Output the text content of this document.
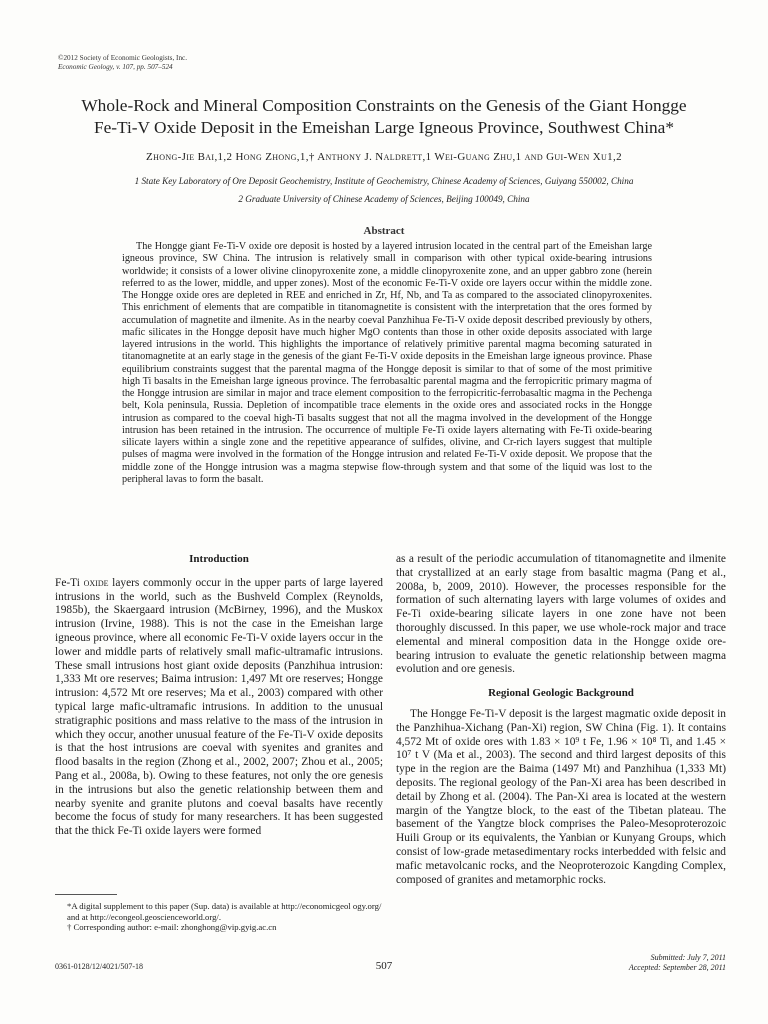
©2012 Society of Economic Geologists, Inc.
Economic Geology, v. 107, pp. 507–524
Whole-Rock and Mineral Composition Constraints on the Genesis of the Giant Hongge
Fe-Ti-V Oxide Deposit in the Emeishan Large Igneous Province, Southwest China*
Zhong-Jie Bai,1,2 Hong Zhong,1,† Anthony J. Naldrett,1 Wei-Guang Zhu,1 and Gui-Wen Xu1,2
1 State Key Laboratory of Ore Deposit Geochemistry, Institute of Geochemistry, Chinese Academy of Sciences, Guiyang 550002, China
2 Graduate University of Chinese Academy of Sciences, Beijing 100049, China
Abstract

The Hongge giant Fe-Ti-V oxide ore deposit is hosted by a layered intrusion located in the central part of the Emeishan large igneous province, SW China. The intrusion is relatively small in comparison with other typical oxide-bearing intrusions worldwide; it consists of a lower olivine clinopyroxenite zone, a middle clinopyroxenite zone, and an upper gabbro zone (herein referred to as the lower, middle, and upper zones). Most of the economic Fe-Ti-V oxide ore layers occur within the middle zone. The Hongge oxide ores are depleted in REE and enriched in Zr, Hf, Nb, and Ta as compared to the associated clinopyroxenites. This enrichment of elements that are compatible in titanomagnetite is consistent with the interpretation that the ores formed by accumulation of magnetite and ilmenite. As in the nearby coeval Panzhihua Fe-Ti-V oxide deposit described previously by others, mafic silicates in the Hongge deposit have much higher MgO contents than those in other oxide deposits associated with large layered intrusions in the world. This highlights the importance of relatively primitive parental magma becoming saturated in titanomagnetite at an early stage in the genesis of the giant Fe-Ti-V oxide deposits in the Emeishan large igneous province. Phase equilibrium constraints suggest that the parental magma of the Hongge deposit is similar to that of some of the most primitive high Ti basalts in the Emeishan large igneous province. The ferrobasaltic parental magma and the ferropicritic primary magma of the Hongge intrusion are similar in major and trace element composition to the ferropicritic-ferrobasaltic magma in the Pechenga belt, Kola peninsula, Russia. Depletion of incompatible trace elements in the oxide ores and associated rocks in the Hongge intrusion as compared to the coeval high-Ti basalts suggest that not all the magma involved in the development of the Hongge intrusion has been retained in the intrusion. The occurrence of multiple Fe-Ti oxide layers alternating with Fe-Ti oxide-bearing silicate layers within a single zone and the repetitive appearance of sulfides, olivine, and Cr-rich layers suggest that multiple pulses of magma were involved in the formation of the Hongge intrusion and related Fe-Ti-V oxide deposit. We propose that the middle zone of the Hongge intrusion was a magma stepwise flow-through system and that some of the liquid was lost to the peripheral lavas to form the basalt.

Introduction

Fe-Ti oxide layers commonly occur in the upper parts of large layered intrusions in the world, such as the Bushveld Complex (Reynolds, 1985b), the Skaergaard intrusion (McBirney, 1996), and the Muskox intrusion (Irvine, 1988). This is not the case in the Emeishan large igneous province, where all economic Fe-Ti-V oxide layers occur in the lower and middle parts of relatively small mafic-ultramafic intrusions. These small intrusions host giant oxide deposits (Panzhihua intrusion: 1,333 Mt ore reserves; Baima intrusion: 1,497 Mt ore reserves; Hongge intrusion: 4,572 Mt ore reserves; Ma et al., 2003) compared with other typical large mafic-ultramafic intrusions. In addition to the unusual stratigraphic positions and mass relative to the mass of the intrusion in which they occur, another unusual feature of the Fe-Ti-V oxide deposits is that the host intrusions are coeval with syenites and granites and flood basalts in the region (Zhong et al., 2002, 2007; Zhou et al., 2005; Pang et al., 2008a, b). Owing to these features, not only the ore genesis in the intrusions but also the genetic relationship between them and nearby syenite and granite plutons and coeval basalts have recently become the focus of study for many researchers. It has been suggested that the thick Fe-Ti oxide layers were formed

as a result of the periodic accumulation of titanomagnetite and ilmenite that crystallized at an early stage from basaltic magma (Pang et al., 2008a, b, 2009, 2010). However, the processes responsible for the formation of such alternating layers with large volumes of oxides and Fe-Ti oxide-bearing silicate layers in one zone have not been thoroughly discussed. In this paper, we use whole-rock major and trace elemental and mineral composition data in the Hongge oxide ore-bearing intrusion to evaluate the genetic relationship between magma evolution and ore genesis.

Regional Geologic Background

The Hongge Fe-Ti-V deposit is the largest magmatic oxide deposit in the Panzhihua-Xichang (Pan-Xi) region, SW China (Fig. 1). It contains 4,572 Mt of oxide ores with 1.83 × 10⁹ t Fe, 1.96 × 10⁸ Ti, and 1.45 × 10⁷ t V (Ma et al., 2003). The second and third largest deposits of this type in the region are the Baima (1497 Mt) and Panzhihua (1,333 Mt) deposits. The regional geology of the Pan-Xi area has been described in detail by Zhong et al. (2004). The Pan-Xi area is located at the western margin of the Yangtze block, to the east of the Tibetan plateau. The basement of the Yangtze block comprises the Paleo-Mesoproterozoic Huili Group or its equivalents, the Yanbian or Kunyang Groups, which consist of low-grade metasedimentary rocks interbedded with felsic and mafic metavolcanic rocks, and the Neoproterozoic Kangding Complex, composed of granites and metamorphic rocks.

*A digital supplement to this paper (Sup. data) is available at http://economicgeol ogy.org/ and at http://econgeol.geoscienceworld.org/.

† Corresponding author: e-mail: zhonghong@vip.gyig.ac.cn

0361-0128/12/4021/507-18	507
Submitted: July 7, 2011
Accepted: September 28, 2011
